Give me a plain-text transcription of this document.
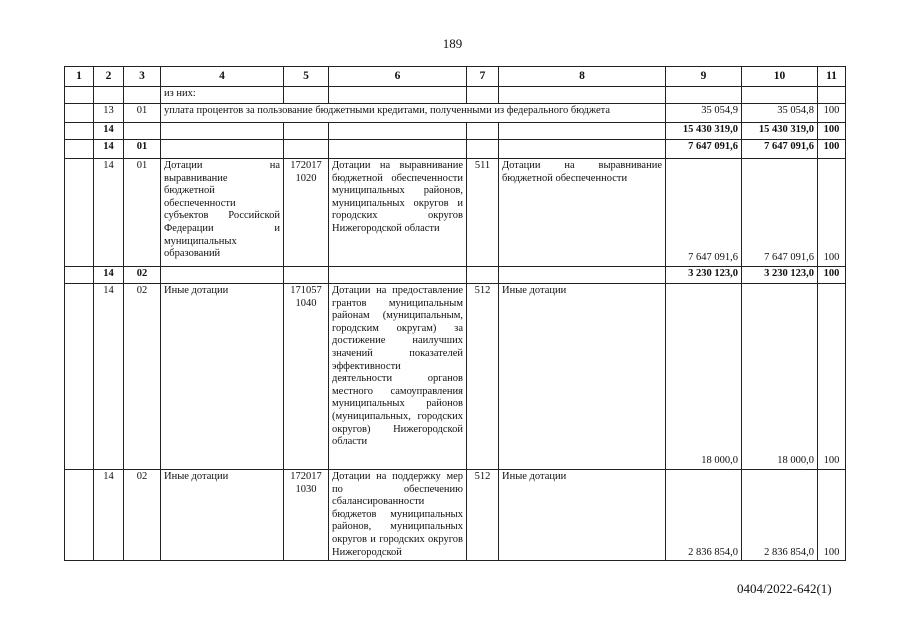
189
1	2	3	4	5	6	7	8	9	10	11
			из них:							
	13	01	уплата процентов за пользование бюджетными кредитами, полученными из федерального бюджета					35 054,9	35 054,8	100
	14							15 430 319,0	15 430 319,0	100
	14	01						7 647 091,6	7 647 091,6	100
	14	01	Дотации на выравнивание бюджетной обеспеченности субъектов Российской Федерации и муниципальных образований	172017 1020	Дотации на выравнивание бюджетной обеспеченности муниципальных районов, муниципальных округов и городских округов Нижегородской области	511	Дотации на выравнивание бюджетной обеспеченности	7 647 091,6	7 647 091,6	100
	14	02						3 230 123,0	3 230 123,0	100
	14	02	Иные дотации	171057 1040	Дотации на предоставление грантов муниципальным районам (муниципальным, городским округам) за достижение наилучших значений показателей эффективности деятельности органов местного самоуправления муниципальных районов (муниципальных, городских округов) Нижегородской области	512	Иные дотации	18 000,0	18 000,0	100
	14	02	Иные дотации	172017 1030	Дотации на поддержку мер по обеспечению сбалансированности бюджетов муниципальных районов, муниципальных округов и городских округов Нижегородской	512	Иные дотации	2 836 854,0	2 836 854,0	100
0404/2022-642(1)
